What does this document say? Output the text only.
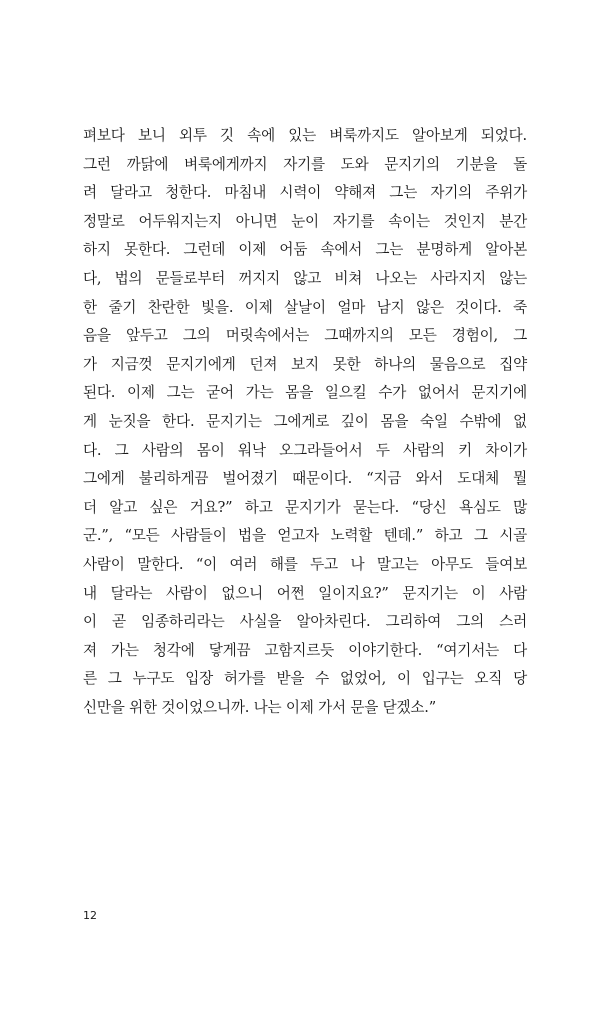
펴보다 보니 외투 깃 속에 있는 벼룩까지도 알아보게 되었다.
그런 까닭에 벼룩에게까지 자기를 도와 문지기의 기분을 돌
려 달라고 청한다. 마침내 시력이 약해져 그는 자기의 주위가
정말로 어두워지는지 아니면 눈이 자기를 속이는 것인지 분간
하지 못한다. 그런데 이제 어둠 속에서 그는 분명하게 알아본
다, 법의 문들로부터 꺼지지 않고 비쳐 나오는 사라지지 않는
한 줄기 찬란한 빛을. 이제 살날이 얼마 남지 않은 것이다. 죽
음을 앞두고 그의 머릿속에서는 그때까지의 모든 경험이, 그
가 지금껏 문지기에게 던져 보지 못한 하나의 물음으로 집약
된다. 이제 그는 굳어 가는 몸을 일으킬 수가 없어서 문지기에
게 눈짓을 한다. 문지기는 그에게로 깊이 몸을 숙일 수밖에 없
다. 그 사람의 몸이 워낙 오그라들어서 두 사람의 키 차이가
그에게 불리하게끔 벌어졌기 때문이다. “지금 와서 도대체 뭘
더 알고 싶은 거요?” 하고 문지기가 묻는다. “당신 욕심도 많
군.”, “모든 사람들이 법을 얻고자 노력할 텐데.” 하고 그 시골
사람이 말한다. “이 여러 해를 두고 나 말고는 아무도 들여보
내 달라는 사람이 없으니 어쩐 일이지요?” 문지기는 이 사람
이 곧 임종하리라는 사실을 알아차린다. 그리하여 그의 스러
져 가는 청각에 닿게끔 고함지르듯 이야기한다. “여기서는 다
른 그 누구도 입장 허가를 받을 수 없었어, 이 입구는 오직 당
신만을 위한 것이었으니까. 나는 이제 가서 문을 닫겠소.”
12
